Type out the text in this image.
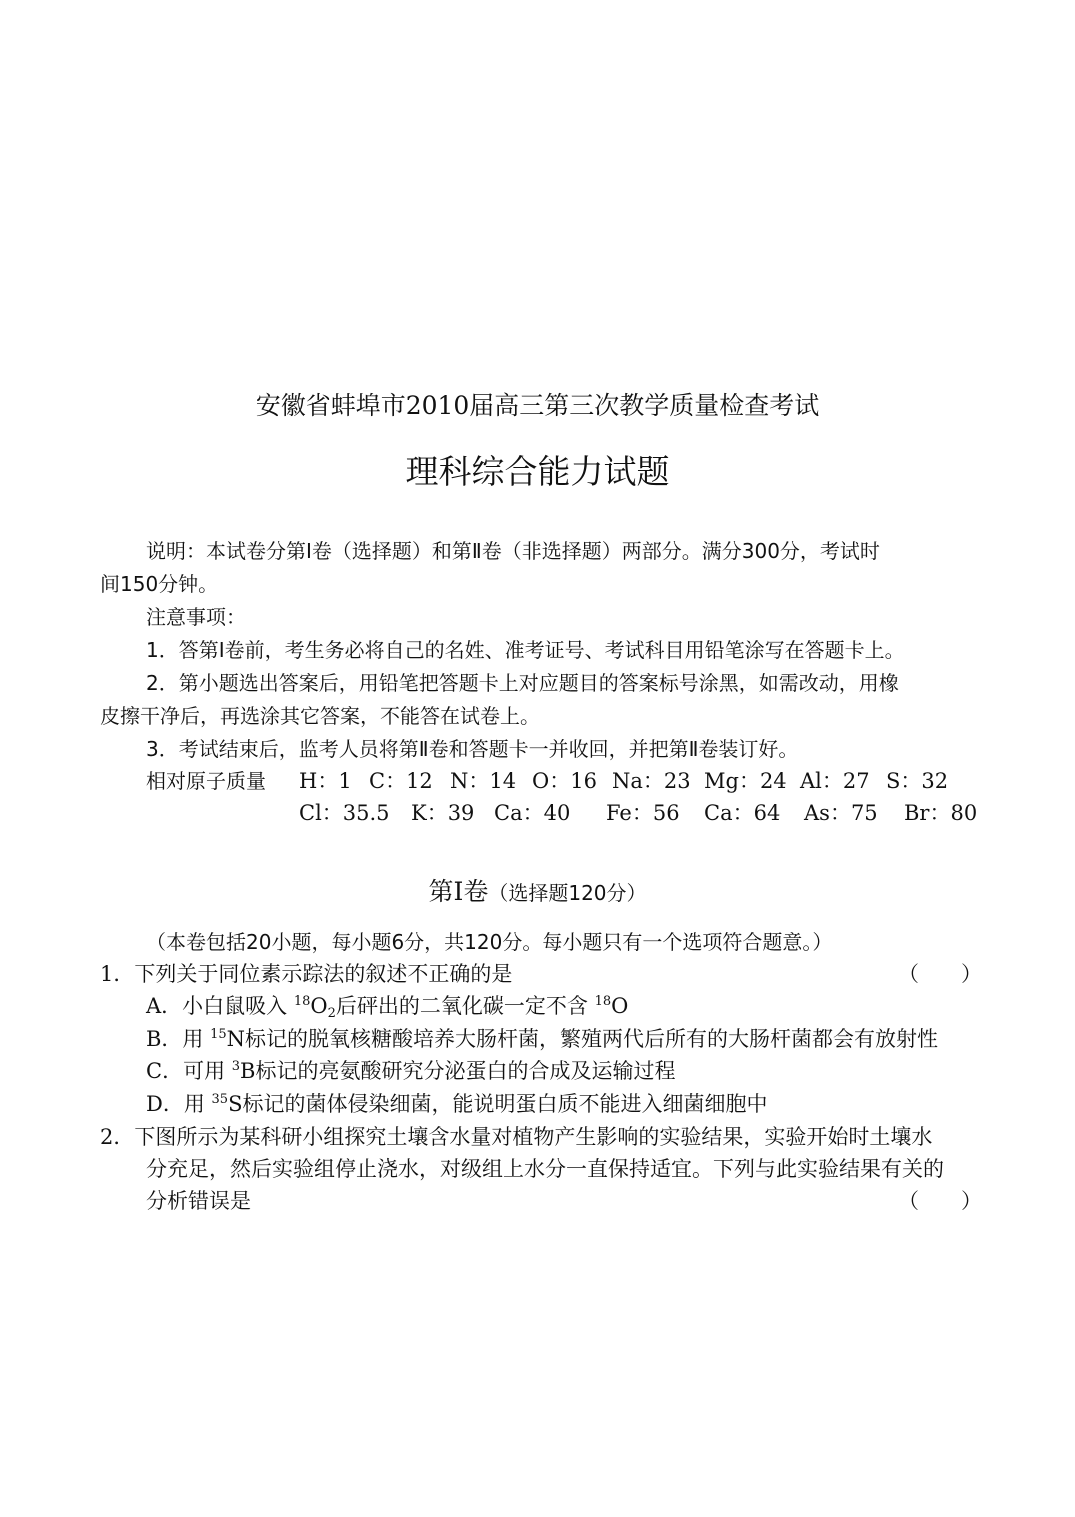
安徽省蚌埠市2010届高三第三次教学质量检查考试
理科综合能力试题
说明：本试卷分第Ⅰ卷（选择题）和第Ⅱ卷（非选择题）两部分。满分300分，考试时
间150分钟。
注意事项：
1．答第Ⅰ卷前，考生务必将自己的名姓、准考证号、考试科目用铅笔涂写在答题卡上。
2．第小题选出答案后，用铅笔把答题卡上对应题目的答案标号涂黑，如需改动，用橡
皮擦干净后，再选涂其它答案，不能答在试卷上。
3．考试结束后，监考人员将第Ⅱ卷和答题卡一并收回，并把第Ⅱ卷装订好。
相对原子质量 H：1 C：12 N：14 O：16 Na：23 Mg：24 Al：27 S：32
Cl：35.5 K：39 Ca：40 Fe：56 Ca：64 As：75 Br：80
第Ⅰ卷（选择题120分）
（本卷包括20小题，每小题6分，共120分。每小题只有一个选项符合题意。）
1．下列关于同位素示踪法的叙述不正确的是	（　　）
A．小白鼠吸入 $^{18}O_2$后砰出的二氧化碳一定不含 $^{18}$O
B．用 $^{15}$N标记的脱氧核糖酸培养大肠杆菌，繁殖两代后所有的大肠杆菌都会有放射性
C．可用 $^3$B标记的亮氨酸研究分泌蛋白的合成及运输过程
D．用 $^{35}$S标记的菌体侵染细菌，能说明蛋白质不能进入细菌细胞中
2．下图所示为某科研小组探究土壤含水量对植物产生影响的实验结果，实验开始时土壤水
分充足，然后实验组停止浇水，对级组上水分一直保持适宜。下列与此实验结果有关的
分析错误是	（　　）
